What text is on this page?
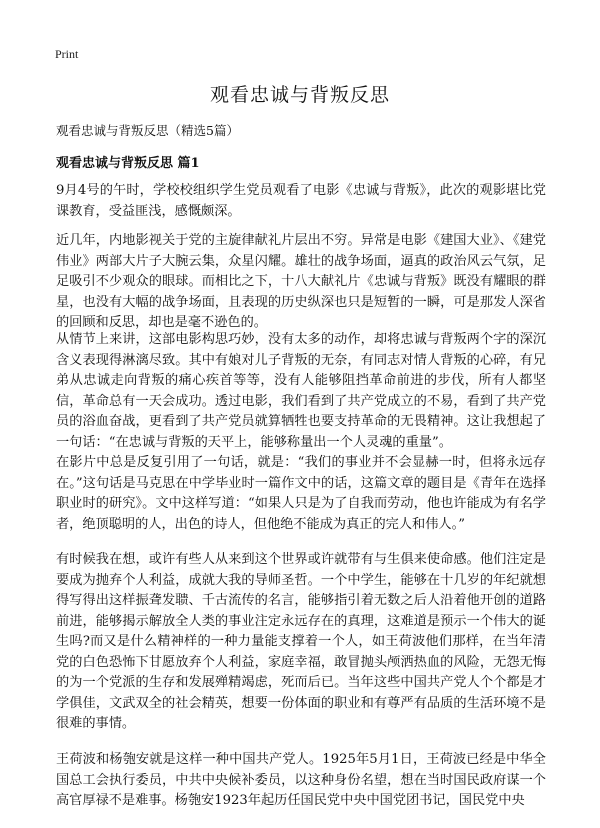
Print
观看忠诚与背叛反思

观看忠诚与背叛反思（精选5篇）

观看忠诚与背叛反思 篇1

9月4号的午时，学校校组织学生党员观看了电影《忠诚与背叛》，此次的观影堪比党课教育，受益匪浅，感慨颇深。

近几年，内地影视关于党的主旋律献礼片层出不穷。异常是电影《建国大业》、《建党伟业》两部大片子大腕云集，众星闪耀。雄壮的战争场面，逼真的政治风云气氛，足足吸引不少观众的眼球。而相比之下，十八大献礼片《忠诚与背叛》既没有耀眼的群星，也没有大幅的战争场面，且表现的历史纵深也只是短暂的一瞬，可是那发人深省的回顾和反思，却也是毫不逊色的。

从情节上来讲，这部电影构思巧妙，没有太多的动作，却将忠诚与背叛两个字的深沉含义表现得淋漓尽致。其中有娘对儿子背叛的无奈，有同志对情人背叛的心碎，有兄弟从忠诚走向背叛的痛心疾首等等，没有人能够阻挡革命前进的步伐，所有人都坚信，革命总有一天会成功。透过电影，我们看到了共产党成立的不易，看到了共产党员的浴血奋战，更看到了共产党员就算牺牲也要支持革命的无畏精神。这让我想起了一句话：“在忠诚与背叛的天平上，能够称量出一个人灵魂的重量”。

在影片中总是反复引用了一句话，就是：“我们的事业并不会显赫一时，但将永远存在。”这句话是马克思在中学毕业时一篇作文中的话，这篇文章的题目是《青年在选择职业时的研究》。文中这样写道：“如果人只是为了自我而劳动，他也许能成为有名学者，绝顶聪明的人，出色的诗人，但他绝不能成为真正的完人和伟人。”

有时候我在想，或许有些人从来到这个世界或许就带有与生俱来使命感。他们注定是要成为抛弃个人利益，成就大我的导师圣哲。一个中学生，能够在十几岁的年纪就想得写得出这样振聋发聩、千古流传的名言，能够指引着无数之后人沿着他开创的道路前进，能够揭示解放全人类的事业注定永远存在的真理，这难道是预示一个伟大的诞生吗?而又是什么精神样的一种力量能支撑着一个人，如王荷波他们那样，在当年清党的白色恐怖下甘愿放弃个人利益，家庭幸福，敢冒抛头颅洒热血的风险，无怨无悔的为一个党派的生存和发展殚精竭虑，死而后已。当年这些中国共产党人个个都是才学俱佳，文武双全的社会精英，想要一份体面的职业和有尊严有品质的生活环境不是很难的事情。

王荷波和杨匏安就是这样一种中国共产党人。1925年5月1日，王荷波已经是中华全国总工会执行委员，中共中央候补委员，以这种身份名望，想在当时国民政府谋一个高官厚禄不是难事。杨匏安1923年起历任国民党中央中国党团书记，国民党中央
